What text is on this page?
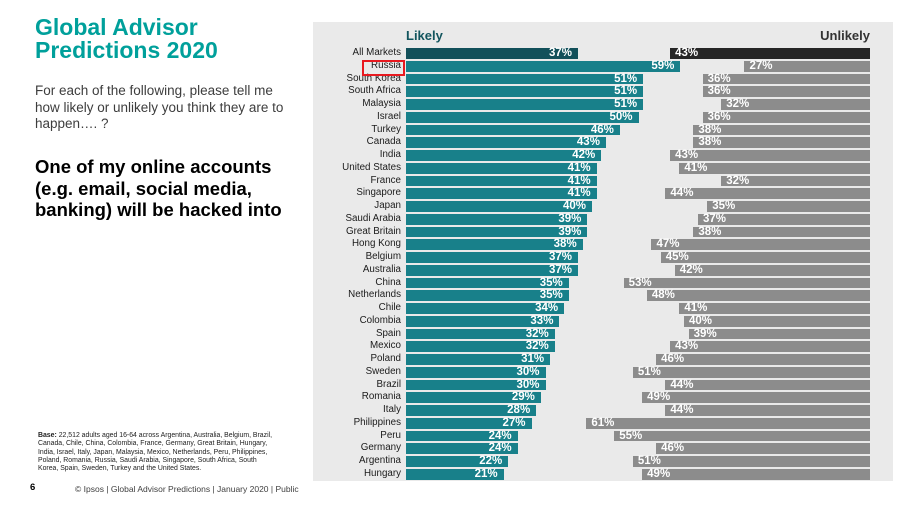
Global Advisor
Predictions 2020
For each of the following, please tell me
how likely or unlikely you think they are to
happen…. ?
One of my online accounts
(e.g. email, social media,
banking) will be hacked into
Base: 22,512 adults aged 16-64 across Argentina, Australia, Belgium, Brazil, Canada, Chile, China, Colombia, France, Germany, Great Britain, Hungary, India, Israel, Italy, Japan, Malaysia, Mexico, Netherlands, Peru, Philippines, Poland, Romania, Russia, Saudi Arabia, Singapore, South Africa, South Korea, Spain, Sweden, Turkey and the United States.
6	© Ipsos | Global Advisor Predictions | January 2020 | Public
Likely	Unlikely
All Markets	37%	43%
Russia	59%	27%
South Korea	51%	36%
South Africa	51%	36%
Malaysia	51%	32%
Israel	50%	36%
Turkey	46%	38%
Canada	43%	38%
India	42%	43%
United States	41%	41%
France	41%	32%
Singapore	41%	44%
Japan	40%	35%
Saudi Arabia	39%	37%
Great Britain	39%	38%
Hong Kong	38%	47%
Belgium	37%	45%
Australia	37%	42%
China	35%	53%
Netherlands	35%	48%
Chile	34%	41%
Colombia	33%	40%
Spain	32%	39%
Mexico	32%	43%
Poland	31%	46%
Sweden	30%	51%
Brazil	30%	44%
Romania	29%	49%
Italy	28%	44%
Philippines	27%	61%
Peru	24%	55%
Germany	24%	46%
Argentina	22%	51%
Hungary	21%	49%
